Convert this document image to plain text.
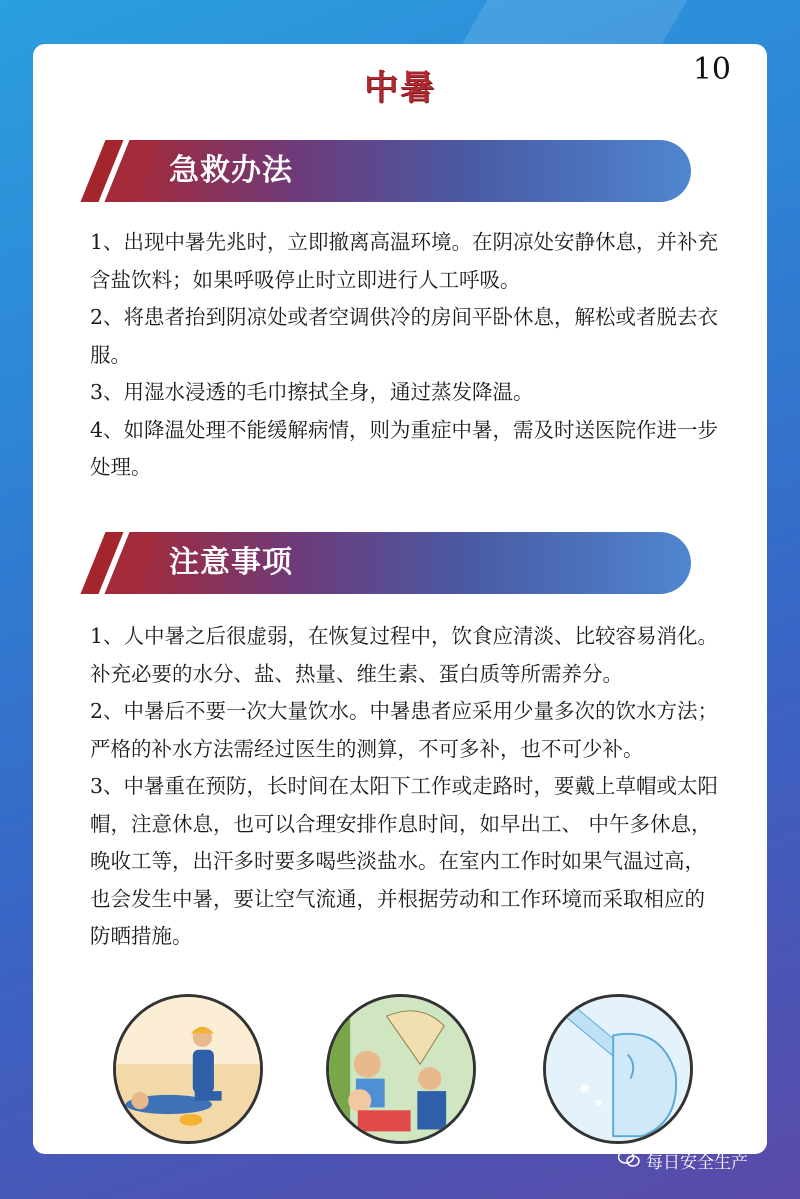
中暑	10
急救办法

1、出现中暑先兆时，立即撤离高温环境。在阴凉处安静休息，并补充含盐饮料；如果呼吸停止时立即进行人工呼吸。

2、将患者抬到阴凉处或者空调供冷的房间平卧休息，解松或者脱去衣服。

3、用湿水浸透的毛巾擦拭全身，通过蒸发降温。

4、如降温处理不能缓解病情，则为重症中暑，需及时送医院作进一步处理。

注意事项

1、人中暑之后很虚弱，在恢复过程中，饮食应清淡、比较容易消化。补充必要的水分、盐、热量、维生素、蛋白质等所需养分。

2、中暑后不要一次大量饮水。中暑患者应采用少量多次的饮水方法；严格的补水方法需经过医生的测算，不可多补，也不可少补。

3、中暑重在预防，长时间在太阳下工作或走路时，要戴上草帽或太阳帽，注意休息，也可以合理安排作息时间，如早出工、 中午多休息， 晚收工等，出汗多时要多喝些淡盐水。在室内工作时如果气温过高，也会发生中暑，要让空气流通，并根据劳动和工作环境而采取相应的防晒措施。

每日安全生产
